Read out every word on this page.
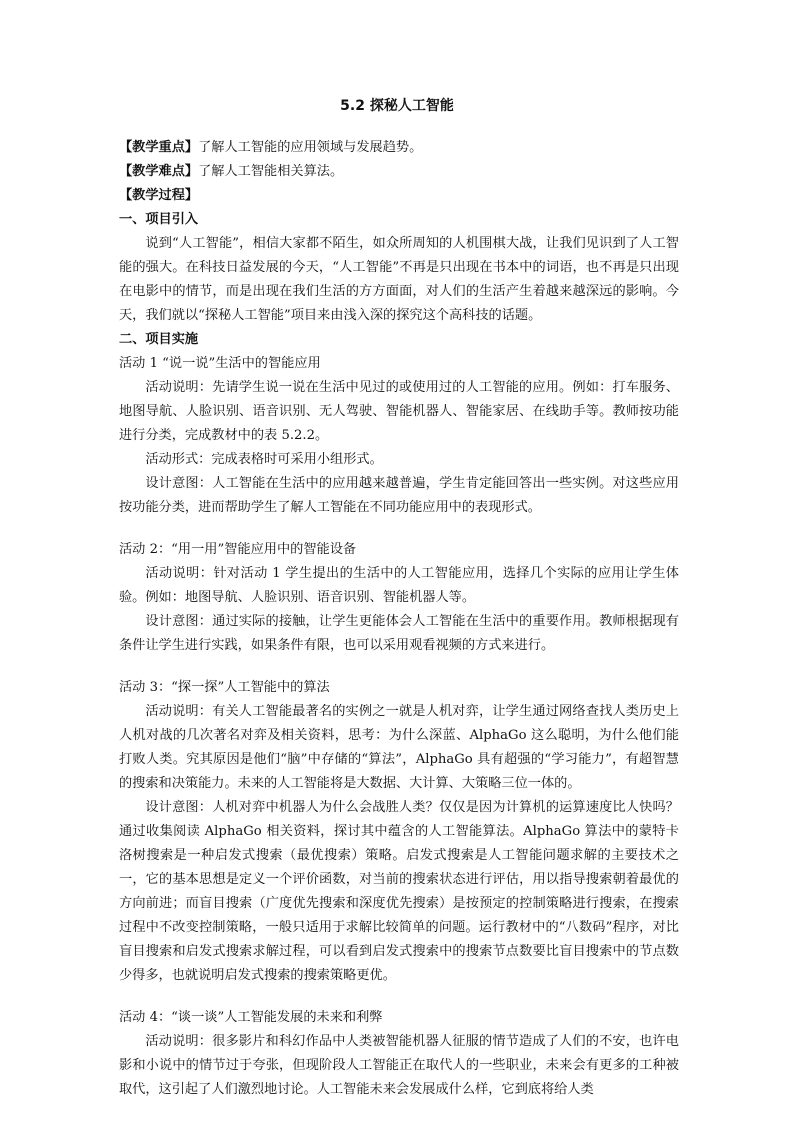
5.2 探秘人工智能

【教学重点】了解人工智能的应用领域与发展趋势。

【教学难点】了解人工智能相关算法。

【教学过程】

一、项目引入

说到“人工智能”，相信大家都不陌生，如众所周知的人机围棋大战，让我们见识到了人工智能的强大。在科技日益发展的今天，“人工智能”不再是只出现在书本中的词语，也不再是只出现在电影中的情节，而是出现在我们生活的方方面面，对人们的生活产生着越来越深远的影响。今天，我们就以“探秘人工智能”项目来由浅入深的探究这个高科技的话题。

二、项目实施

活动 1 “说一说”生活中的智能应用

活动说明：先请学生说一说在生活中见过的或使用过的人工智能的应用。例如：打车服务、地图导航、人脸识别、语音识别、无人驾驶、智能机器人、智能家居、在线助手等。教师按功能进行分类，完成教材中的表 5.2.2。

活动形式：完成表格时可采用小组形式。

设计意图：人工智能在生活中的应用越来越普遍，学生肯定能回答出一些实例。对这些应用按功能分类，进而帮助学生了解人工智能在不同功能应用中的表现形式。

活动 2：“用一用”智能应用中的智能设备

活动说明：针对活动 1 学生提出的生活中的人工智能应用，选择几个实际的应用让学生体验。例如：地图导航、人脸识别、语音识别、智能机器人等。

设计意图：通过实际的接触，让学生更能体会人工智能在生活中的重要作用。教师根据现有条件让学生进行实践，如果条件有限，也可以采用观看视频的方式来进行。

活动 3：“探一探”人工智能中的算法

活动说明：有关人工智能最著名的实例之一就是人机对弈，让学生通过网络查找人类历史上人机对战的几次著名对弈及相关资料，思考：为什么深蓝、AlphaGo 这么聪明，为什么他们能打败人类。究其原因是他们“脑”中存储的“算法”，AlphaGo 具有超强的“学习能力”，有超智慧的搜索和决策能力。未来的人工智能将是大数据、大计算、大策略三位一体的。

设计意图：人机对弈中机器人为什么会战胜人类？仅仅是因为计算机的运算速度比人快吗？通过收集阅读 AlphaGo 相关资料，探讨其中蕴含的人工智能算法。AlphaGo 算法中的蒙特卡洛树搜索是一种启发式搜索（最优搜索）策略。启发式搜索是人工智能问题求解的主要技术之一，它的基本思想是定义一个评价函数，对当前的搜索状态进行评估，用以指导搜索朝着最优的方向前进；而盲目搜索（广度优先搜索和深度优先搜索）是按预定的控制策略进行搜索，在搜索过程中不改变控制策略，一般只适用于求解比较简单的问题。运行教材中的“八数码”程序，对比盲目搜索和启发式搜索求解过程，可以看到启发式搜索中的搜索节点数要比盲目搜索中的节点数少得多，也就说明启发式搜索的搜索策略更优。

活动 4：“谈一谈”人工智能发展的未来和利弊

活动说明：很多影片和科幻作品中人类被智能机器人征服的情节造成了人们的不安，也许电影和小说中的情节过于夸张，但现阶段人工智能正在取代人的一些职业，未来会有更多的工种被取代，这引起了人们激烈地讨论。人工智能未来会发展成什么样，它到底将给人类
